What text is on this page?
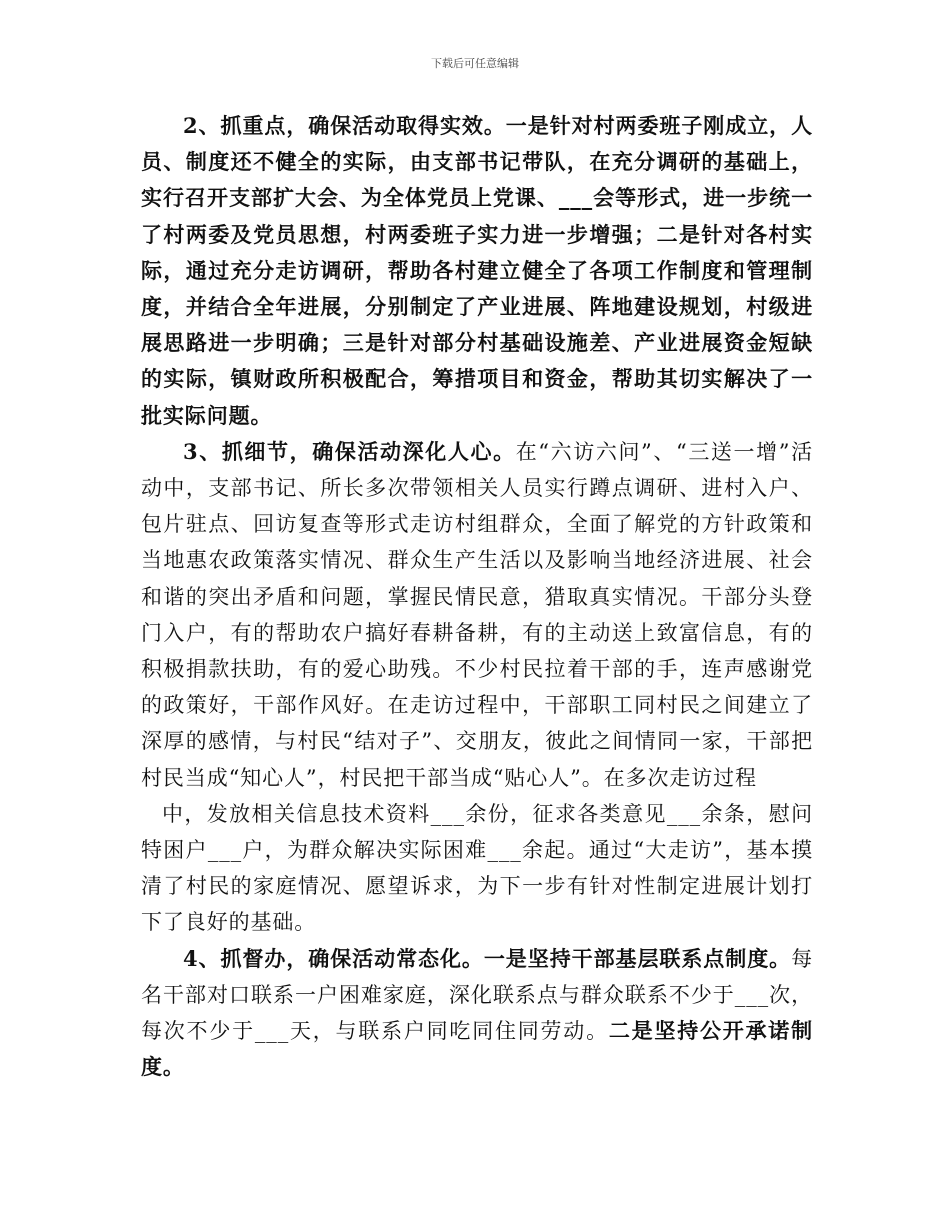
下载后可任意编辑

2、抓重点，确保活动取得实效。一是针对村两委班子刚成立，人员、制度还不健全的实际，由支部书记带队，在充分调研的基础上，实行召开支部扩大会、为全体党员上党课、___会等形式，进一步统一了村两委及党员思想，村两委班子实力进一步增强；二是针对各村实际，通过充分走访调研，帮助各村建立健全了各项工作制度和管理制度，并结合全年进展，分别制定了产业进展、阵地建设规划，村级进展思路进一步明确；三是针对部分村基础设施差、产业进展资金短缺的实际，镇财政所积极配合，筹措项目和资金，帮助其切实解决了一批实际问题。

3、抓细节，确保活动深化人心。在“六访六问”、“三送一增”活动中，支部书记、所长多次带领相关人员实行蹲点调研、进村入户、包片驻点、回访复查等形式走访村组群众，全面了解党的方针政策和当地惠农政策落实情况、群众生产生活以及影响当地经济进展、社会和谐的突出矛盾和问题，掌握民情民意，猎取真实情况。干部分头登门入户，有的帮助农户搞好春耕备耕，有的主动送上致富信息，有的积极捐款扶助，有的爱心助残。不少村民拉着干部的手，连声感谢党的政策好，干部作风好。在走访过程中，干部职工同村民之间建立了深厚的感情，与村民“结对子”、交朋友，彼此之间情同一家，干部把村民当成“知心人”，村民把干部当成“贴心人”。在多次走访过程

中，发放相关信息技术资料___余份，征求各类意见___余条，慰问特困户___户，为群众解决实际困难___余起。通过“大走访”，基本摸清了村民的家庭情况、愿望诉求，为下一步有针对性制定进展计划打下了良好的基础。

4、抓督办，确保活动常态化。一是坚持干部基层联系点制度。每名干部对口联系一户困难家庭，深化联系点与群众联系不少于___次，每次不少于___天，与联系户同吃同住同劳动。二是坚持公开承诺制度。
